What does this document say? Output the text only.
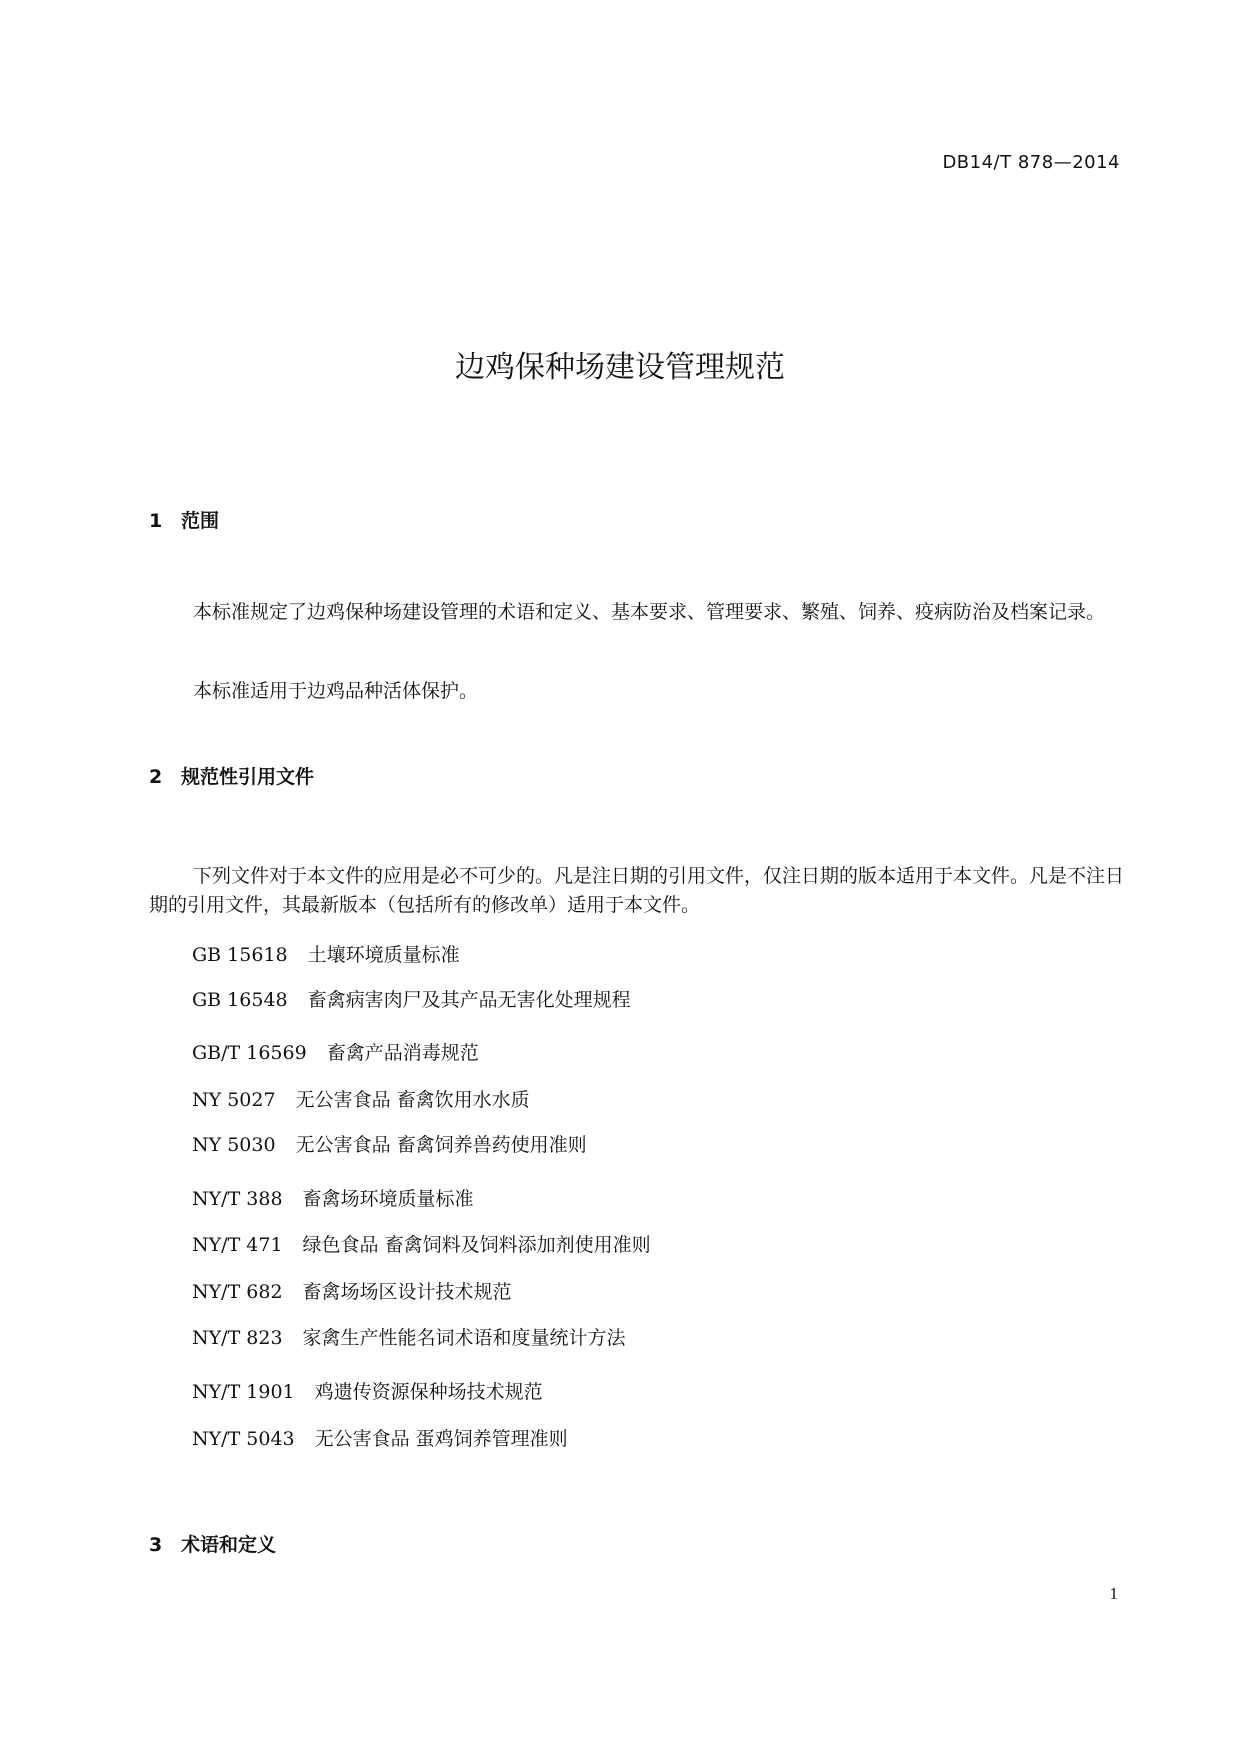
DB14/T 878—2014
边鸡保种场建设管理规范
1 范围
本标准规定了边鸡保种场建设管理的术语和定义、基本要求、管理要求、繁殖、饲养、疫病防治及档案记录。
本标准适用于边鸡品种活体保护。
2 规范性引用文件
下列文件对于本文件的应用是必不可少的。凡是注日期的引用文件，仅注日期的版本适用于本文件。凡是不注日期的引用文件，其最新版本（包括所有的修改单）适用于本文件。
GB 15618 土壤环境质量标准
GB 16548 畜禽病害肉尸及其产品无害化处理规程
GB/T 16569 畜禽产品消毒规范
NY 5027 无公害食品 畜禽饮用水水质
NY 5030 无公害食品 畜禽饲养兽药使用准则
NY/T 388 畜禽场环境质量标准
NY/T 471 绿色食品 畜禽饲料及饲料添加剂使用准则
NY/T 682 畜禽场场区设计技术规范
NY/T 823 家禽生产性能名词术语和度量统计方法
NY/T 1901 鸡遗传资源保种场技术规范
NY/T 5043 无公害食品 蛋鸡饲养管理准则
3 术语和定义
1
